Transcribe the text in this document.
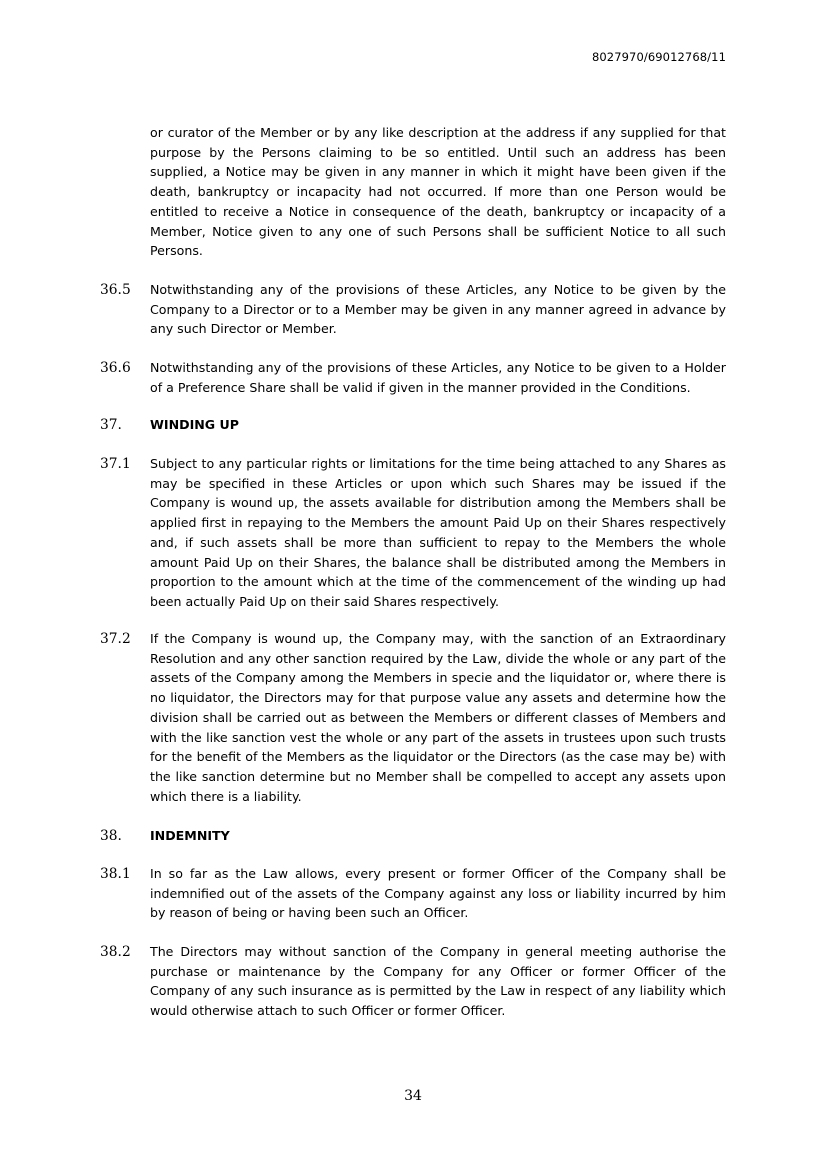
8027970/69012768/11

or curator of the Member or by any like description at the address if any supplied for that purpose by the Persons claiming to be so entitled. Until such an address has been supplied, a Notice may be given in any manner in which it might have been given if the death, bankruptcy or incapacity had not occurred. If more than one Person would be entitled to receive a Notice in consequence of the death, bankruptcy or incapacity of a Member, Notice given to any one of such Persons shall be sufficient Notice to all such Persons.

36.5	Notwithstanding any of the provisions of these Articles, any Notice to be given by the Company to a Director or to a Member may be given in any manner agreed in advance by any such Director or Member.

36.6	Notwithstanding any of the provisions of these Articles, any Notice to be given to a Holder of a Preference Share shall be valid if given in the manner provided in the Conditions.

37.	WINDING UP
37.1	Subject to any particular rights or limitations for the time being attached to any Shares as may be specified in these Articles or upon which such Shares may be issued if the Company is wound up, the assets available for distribution among the Members shall be applied first in repaying to the Members the amount Paid Up on their Shares respectively and, if such assets shall be more than sufficient to repay to the Members the whole amount Paid Up on their Shares, the balance shall be distributed among the Members in proportion to the amount which at the time of the commencement of the winding up had been actually Paid Up on their said Shares respectively.

37.2	If the Company is wound up, the Company may, with the sanction of an Extraordinary Resolution and any other sanction required by the Law, divide the whole or any part of the assets of the Company among the Members in specie and the liquidator or, where there is no liquidator, the Directors may for that purpose value any assets and determine how the division shall be carried out as between the Members or different classes of Members and with the like sanction vest the whole or any part of the assets in trustees upon such trusts for the benefit of the Members as the liquidator or the Directors (as the case may be) with the like sanction determine but no Member shall be compelled to accept any assets upon which there is a liability.

38.	INDEMNITY
38.1	In so far as the Law allows, every present or former Officer of the Company shall be indemnified out of the assets of the Company against any loss or liability incurred by him by reason of being or having been such an Officer.

38.2	The Directors may without sanction of the Company in general meeting authorise the purchase or maintenance by the Company for any Officer or former Officer of the Company of any such insurance as is permitted by the Law in respect of any liability which would otherwise attach to such Officer or former Officer.

34
